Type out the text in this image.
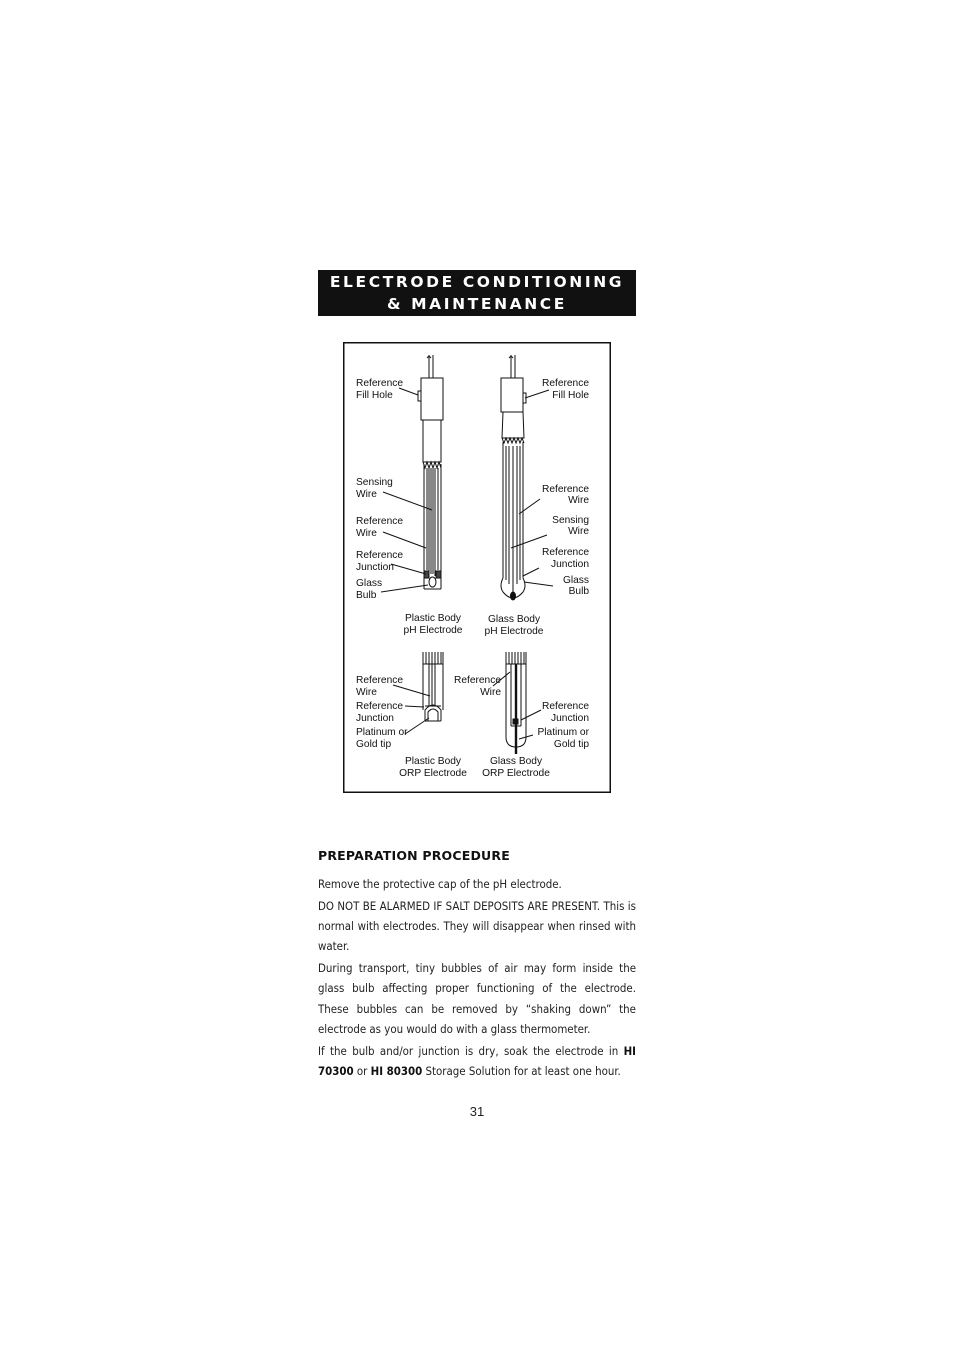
ELECTRODE CONDITIONING
& MAINTENANCE
Reference
Fill Hole
Sensing
Wire
Reference
Wire
Reference
Junction
Glass
Bulb
Plastic Body
pH Electrode
Reference
Fill Hole
Reference
Wire
Sensing
Wire
Reference
Junction
Glass
Bulb
Glass Body
pH Electrode
Reference
Wire
Reference
Junction
Platinum or
Gold tip
Plastic Body
ORP Electrode
Reference
Wire
Reference
Junction
Platinum or
Gold tip
Glass Body
ORP Electrode
PREPARATION PROCEDURE

Remove the protective cap of the pH electrode.

DO NOT BE ALARMED IF SALT DEPOSITS ARE PRESENT. This is normal with electrodes. They will disappear when rinsed with water.

During transport, tiny bubbles of air may form inside the glass bulb affecting proper functioning of the electrode. These bubbles can be removed by “shaking down” the electrode as you would do with a glass thermometer.

If the bulb and/or junction is dry, soak the electrode in HI 70300 or HI 80300 Storage Solution for at least one hour.

31
